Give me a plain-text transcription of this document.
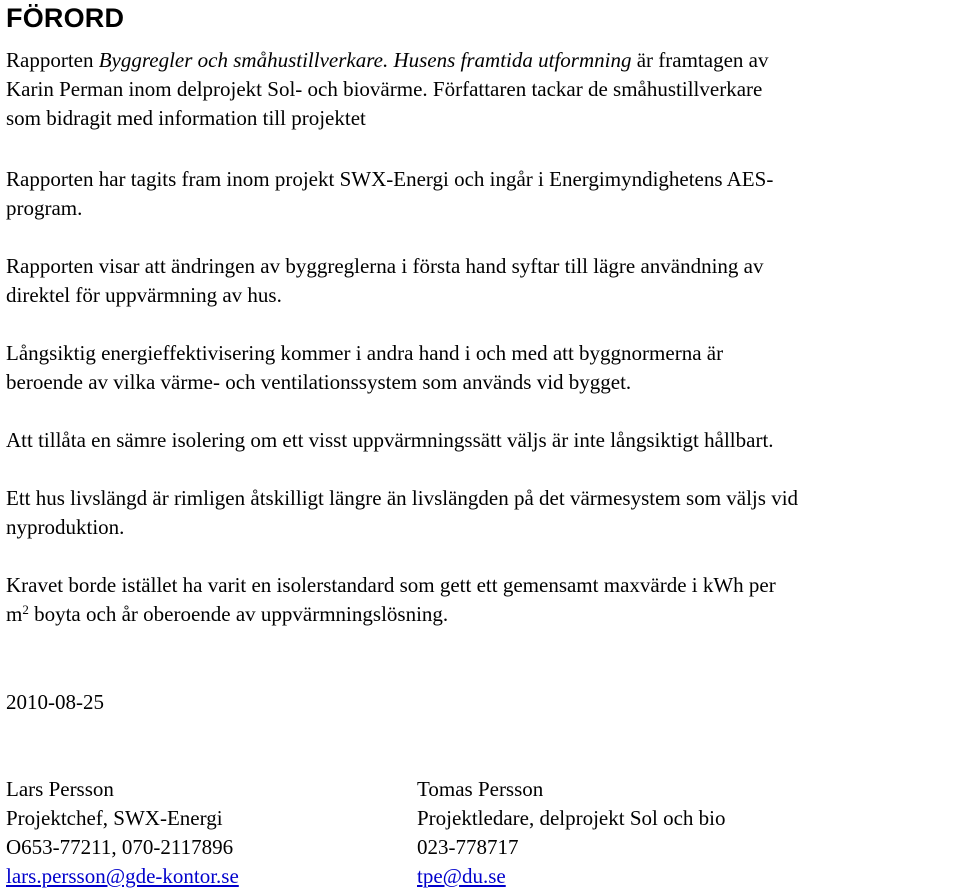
FÖRORD

Rapporten Byggregler och småhustillverkare. Husens framtida utformning är framtagen av
Karin Perman inom delprojekt Sol- och biovärme. Författaren tackar de småhustillverkare
som bidragit med information till projektet

Rapporten har tagits fram inom projekt SWX-Energi och ingår i Energimyndighetens AES-
program.

Rapporten visar att ändringen av byggreglerna i första hand syftar till lägre användning av
direktel för uppvärmning av hus.

Långsiktig energieffektivisering kommer i andra hand i och med att byggnormerna är
beroende av vilka värme- och ventilationssystem som används vid bygget.

Att tillåta en sämre isolering om ett visst uppvärmningssätt väljs är inte långsiktigt hållbart.

Ett hus livslängd är rimligen åtskilligt längre än livslängden på det värmesystem som väljs vid
nyproduktion.

Kravet borde istället ha varit en isolerstandard som gett ett gemensamt maxvärde i kWh per
$m^2$ boyta och år oberoende av uppvärmningslösning.

2010-08-25

Lars Persson
Projektchef, SWX-Energi
O653-77211, 070-2117896
lars.persson@gde-kontor.se
Tomas Persson
Projektledare, delprojekt Sol och bio
023-778717
tpe@du.se
